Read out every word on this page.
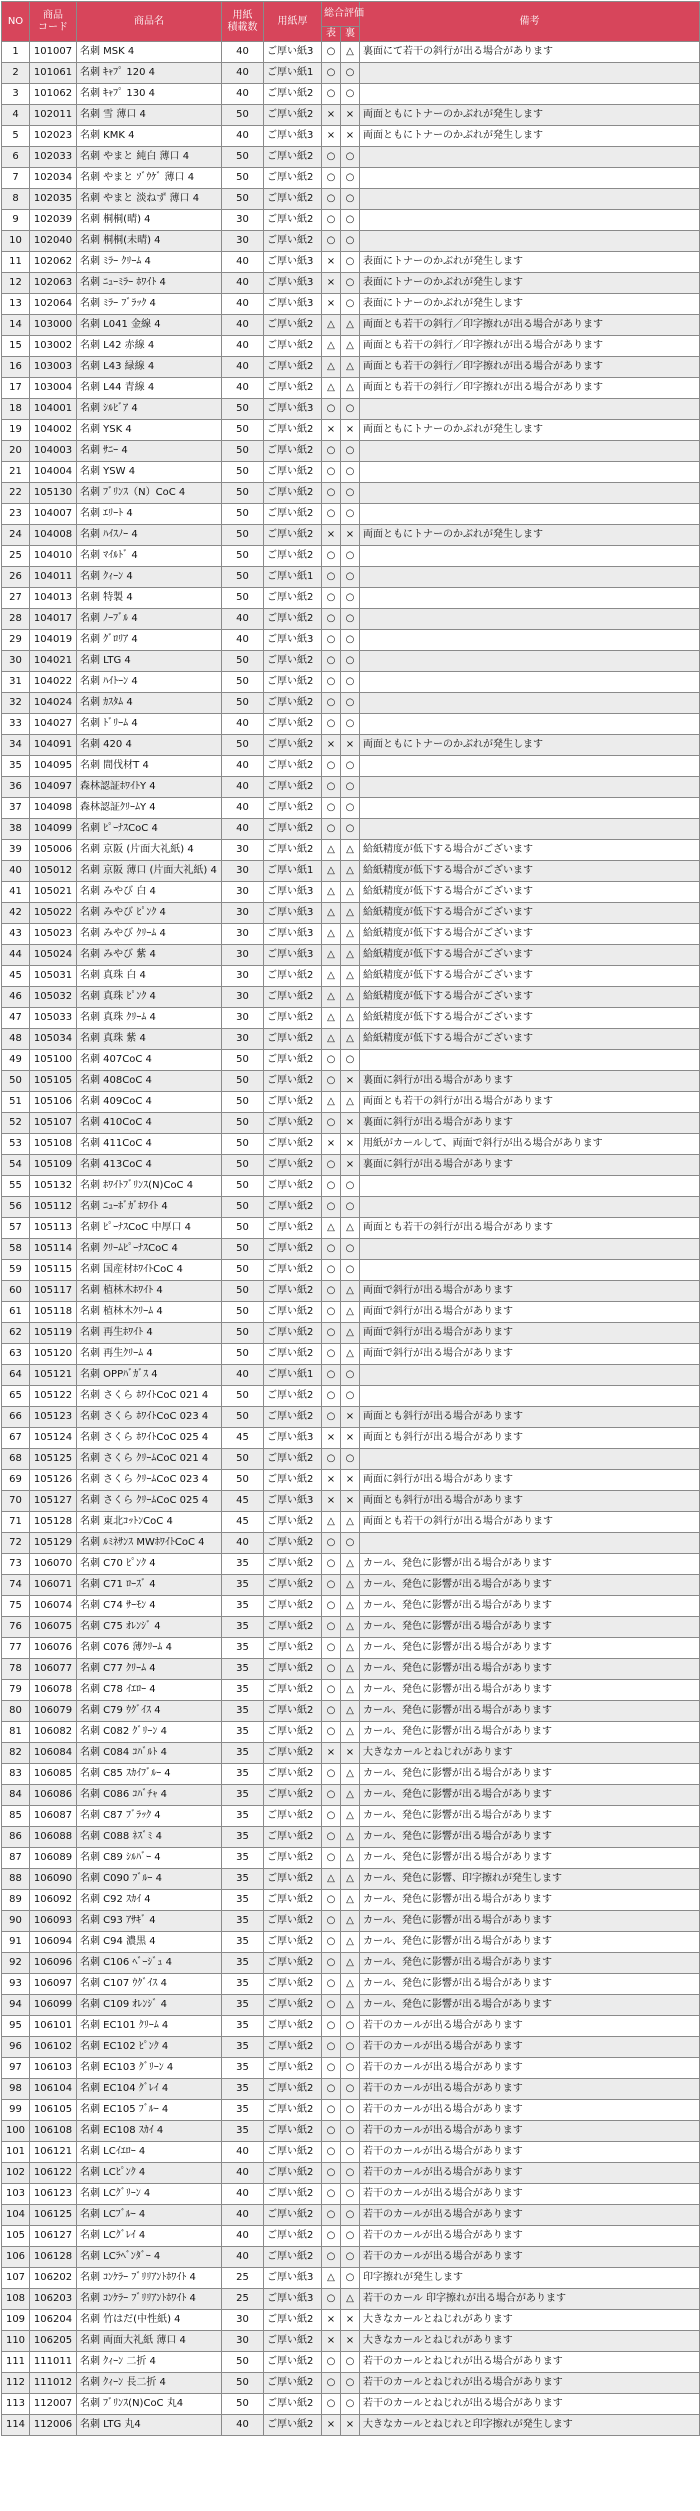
NO	商品
コード	商品名	用紙
積載数	用紙厚	総合評価		備考
					表	裏	
1	101007	名刺 MSK 4	40	ご厚い紙3	○	△	裏面にて若干の斜行が出る場合があります
2	101061	名刺 ｷｬﾌﾟ 120 4	40	ご厚い紙1	○	○	
3	101062	名刺 ｷｬﾌﾟ 130 4	40	ご厚い紙2	○	○	
4	102011	名刺 雪 薄口 4	50	ご厚い紙2	×	×	両面ともにトナーのかぶれが発生します
5	102023	名刺 KMK 4	40	ご厚い紙3	×	×	両面ともにトナーのかぶれが発生します
6	102033	名刺 やまと 純白 薄口 4	50	ご厚い紙2	○	○	
7	102034	名刺 やまと ｿﾞｳｹﾞ 薄口 4	50	ご厚い紙2	○	○	
8	102035	名刺 やまと 淡ねず 薄口 4	50	ご厚い紙2	○	○	
9	102039	名刺 桐桐(晴) 4	30	ご厚い紙2	○	○	
10	102040	名刺 桐桐(未晴) 4	30	ご厚い紙2	○	○	
11	102062	名刺 ﾐﾗｰ ｸﾘｰﾑ 4	40	ご厚い紙3	×	○	表面にトナーのかぶれが発生します
12	102063	名刺 ﾆｭｰﾐﾗｰ ﾎﾜｲﾄ 4	40	ご厚い紙3	×	○	表面にトナーのかぶれが発生します
13	102064	名刺 ﾐﾗｰ ﾌﾞﾗｯｸ 4	40	ご厚い紙3	×	○	表面にトナーのかぶれが発生します
14	103000	名刺 L041 金線 4	40	ご厚い紙2	△	△	両面とも若干の斜行／印字擦れが出る場合があります
15	103002	名刺 L42 赤線 4	40	ご厚い紙2	△	△	両面とも若干の斜行／印字擦れが出る場合があります
16	103003	名刺 L43 緑線 4	40	ご厚い紙2	△	△	両面とも若干の斜行／印字擦れが出る場合があります
17	103004	名刺 L44 青線 4	40	ご厚い紙2	△	△	両面とも若干の斜行／印字擦れが出る場合があります
18	104001	名刺 ｼﾙﾋﾞｱ 4	50	ご厚い紙3	○	○	
19	104002	名刺 YSK 4	50	ご厚い紙2	×	×	両面ともにトナーのかぶれが発生します
20	104003	名刺 ｻﾆｰ 4	50	ご厚い紙2	○	○	
21	104004	名刺 YSW 4	50	ご厚い紙2	○	○	
22	105130	名刺 ﾌﾞﾘﾝｽ（N）CoC 4	50	ご厚い紙2	○	○	
23	104007	名刺 ｴﾘｰﾄ 4	50	ご厚い紙2	○	○	
24	104008	名刺 ﾊｲｽﾉｰ 4	50	ご厚い紙2	×	×	両面ともにトナーのかぶれが発生します
25	104010	名刺 ﾏｲﾙﾄﾞ 4	50	ご厚い紙2	○	○	
26	104011	名刺 ｸｨｰﾝ 4	50	ご厚い紙1	○	○	
27	104013	名刺 特製 4	50	ご厚い紙2	○	○	
28	104017	名刺 ﾉｰﾌﾞﾙ 4	40	ご厚い紙2	○	○	
29	104019	名刺 ｸﾞﾛﾘｱ 4	40	ご厚い紙3	○	○	
30	104021	名刺 LTG 4	50	ご厚い紙2	○	○	
31	104022	名刺 ﾊｲﾄｰﾝ 4	50	ご厚い紙2	○	○	
32	104024	名刺 ｶｽﾀﾑ 4	50	ご厚い紙2	○	○	
33	104027	名刺 ﾄﾞﾘｰﾑ 4	40	ご厚い紙2	○	○	
34	104091	名刺 420 4	50	ご厚い紙2	×	×	両面ともにトナーのかぶれが発生します
35	104095	名刺 間伐材T 4	40	ご厚い紙2	○	○	
36	104097	森林認証ﾎﾜｲﾄY 4	40	ご厚い紙2	○	○	
37	104098	森林認証ｸﾘｰﾑY 4	40	ご厚い紙2	○	○	
38	104099	名刺 ﾋﾟｰﾅｽCoC 4	40	ご厚い紙2	○	○	
39	105006	名刺 京阪 (片面大礼紙) 4	30	ご厚い紙2	△	△	給紙精度が低下する場合がございます
40	105012	名刺 京阪 薄口 (片面大礼紙) 4	30	ご厚い紙1	△	△	給紙精度が低下する場合がございます
41	105021	名刺 みやび 白 4	30	ご厚い紙3	△	△	給紙精度が低下する場合がございます
42	105022	名刺 みやび ﾋﾟﾝｸ 4	30	ご厚い紙3	△	△	給紙精度が低下する場合がございます
43	105023	名刺 みやび ｸﾘｰﾑ 4	30	ご厚い紙3	△	△	給紙精度が低下する場合がございます
44	105024	名刺 みやび 紫 4	30	ご厚い紙3	△	△	給紙精度が低下する場合がございます
45	105031	名刺 真珠 白 4	30	ご厚い紙2	△	△	給紙精度が低下する場合がございます
46	105032	名刺 真珠 ﾋﾟﾝｸ 4	30	ご厚い紙2	△	△	給紙精度が低下する場合がございます
47	105033	名刺 真珠 ｸﾘｰﾑ 4	30	ご厚い紙2	△	△	給紙精度が低下する場合がございます
48	105034	名刺 真珠 紫 4	30	ご厚い紙2	△	△	給紙精度が低下する場合がございます
49	105100	名刺 407CoC 4	50	ご厚い紙2	○	○	
50	105105	名刺 408CoC 4	50	ご厚い紙2	○	×	裏面に斜行が出る場合があります
51	105106	名刺 409CoC 4	50	ご厚い紙2	△	△	両面とも若干の斜行が出る場合があります
52	105107	名刺 410CoC 4	50	ご厚い紙2	○	×	裏面に斜行が出る場合があります
53	105108	名刺 411CoC 4	50	ご厚い紙2	×	×	用紙がカールして、両面で斜行が出る場合があります
54	105109	名刺 413CoC 4	50	ご厚い紙2	○	×	裏面に斜行が出る場合があります
55	105132	名刺 ﾎﾜｲﾄﾌﾞﾘﾝｽ(N)CoC 4	50	ご厚い紙2	○	○	
56	105112	名刺 ﾆｭｰﾎﾞｶﾞﾎﾜｲﾄ 4	50	ご厚い紙2	○	○	
57	105113	名刺 ﾋﾟｰﾅｽCoC 中厚口 4	50	ご厚い紙2	△	△	両面とも若干の斜行が出る場合があります
58	105114	名刺 ｸﾘｰﾑﾋﾟｰﾅｽCoC 4	50	ご厚い紙2	○	○	
59	105115	名刺 国産材ﾎﾜｲﾄCoC 4	50	ご厚い紙2	○	○	
60	105117	名刺 植林木ﾎﾜｲﾄ 4	50	ご厚い紙2	○	△	両面で斜行が出る場合があります
61	105118	名刺 植林木ｸﾘｰﾑ 4	50	ご厚い紙2	○	△	両面で斜行が出る場合があります
62	105119	名刺 再生ﾎﾜｲﾄ 4	50	ご厚い紙2	○	△	両面で斜行が出る場合があります
63	105120	名刺 再生ｸﾘｰﾑ 4	50	ご厚い紙2	○	△	両面で斜行が出る場合があります
64	105121	名刺 OPPﾊﾞｶﾞｽ 4	40	ご厚い紙1	○	○	
65	105122	名刺 さくら ﾎﾜｲﾄCoC 021 4	50	ご厚い紙2	○	○	
66	105123	名刺 さくら ﾎﾜｲﾄCoC 023 4	50	ご厚い紙2	○	×	両面とも斜行が出る場合があります
67	105124	名刺 さくら ﾎﾜｲﾄCoC 025 4	45	ご厚い紙3	×	×	両面とも斜行が出る場合があります
68	105125	名刺 さくら ｸﾘｰﾑCoC 021 4	50	ご厚い紙2	○	○	
69	105126	名刺 さくら ｸﾘｰﾑCoC 023 4	50	ご厚い紙2	×	×	両面に斜行が出る場合があります
70	105127	名刺 さくら ｸﾘｰﾑCoC 025 4	45	ご厚い紙3	×	×	両面とも斜行が出る場合があります
71	105128	名刺 東北ｺｯﾄﾝCoC 4	45	ご厚い紙2	△	△	両面とも若干の斜行が出る場合があります
72	105129	名刺 ﾙﾐﾈｻﾝｽ MWﾎﾜｲﾄCoC 4	40	ご厚い紙2	○	○	
73	106070	名刺 C70 ﾋﾟﾝｸ 4	35	ご厚い紙2	○	△	カール、発色に影響が出る場合があります
74	106071	名刺 C71 ﾛｰｽﾞ 4	35	ご厚い紙2	○	△	カール、発色に影響が出る場合があります
75	106074	名刺 C74 ｻｰﾓﾝ 4	35	ご厚い紙2	○	△	カール、発色に影響が出る場合があります
76	106075	名刺 C75 ｵﾚﾝｼﾞ 4	35	ご厚い紙2	○	△	カール、発色に影響が出る場合があります
77	106076	名刺 C076 薄ｸﾘｰﾑ 4	35	ご厚い紙2	○	△	カール、発色に影響が出る場合があります
78	106077	名刺 C77 ｸﾘｰﾑ 4	35	ご厚い紙2	○	△	カール、発色に影響が出る場合があります
79	106078	名刺 C78 ｲｴﾛｰ 4	35	ご厚い紙2	○	△	カール、発色に影響が出る場合があります
80	106079	名刺 C79 ｳｸﾞｲｽ 4	35	ご厚い紙2	○	△	カール、発色に影響が出る場合があります
81	106082	名刺 C082 ｸﾞﾘｰﾝ 4	35	ご厚い紙2	○	△	カール、発色に影響が出る場合があります
82	106084	名刺 C084 ｺﾊﾞﾙﾄ 4	35	ご厚い紙2	×	×	大きなカールとねじれがあります
83	106085	名刺 C85 ｽｶｲﾌﾞﾙｰ 4	35	ご厚い紙2	○	△	カール、発色に影響が出る場合があります
84	106086	名刺 C086 ｺﾊﾞﾁｬ 4	35	ご厚い紙2	○	△	カール、発色に影響が出る場合があります
85	106087	名刺 C87 ﾌﾞﾗｯｸ 4	35	ご厚い紙2	○	△	カール、発色に影響が出る場合があります
86	106088	名刺 C088 ﾈｽﾞﾐ 4	35	ご厚い紙2	○	△	カール、発色に影響が出る場合があります
87	106089	名刺 C89 ｼﾙﾊﾞｰ 4	35	ご厚い紙2	○	△	カール、発色に影響が出る場合があります
88	106090	名刺 C090 ﾌﾞﾙｰ 4	35	ご厚い紙2	△	△	カール、発色に影響、印字擦れが発生します
89	106092	名刺 C92 ｽｶｲ 4	35	ご厚い紙2	○	△	カール、発色に影響が出る場合があります
90	106093	名刺 C93 ｱｻｷﾞ 4	35	ご厚い紙2	○	△	カール、発色に影響が出る場合があります
91	106094	名刺 C94 濃黒 4	35	ご厚い紙2	○	△	カール、発色に影響が出る場合があります
92	106096	名刺 C106 ﾍﾞｰｼﾞｭ 4	35	ご厚い紙2	○	△	カール、発色に影響が出る場合があります
93	106097	名刺 C107 ｳｸﾞｲｽ 4	35	ご厚い紙2	○	△	カール、発色に影響が出る場合があります
94	106099	名刺 C109 ｵﾚﾝｼﾞ 4	35	ご厚い紙2	○	△	カール、発色に影響が出る場合があります
95	106101	名刺 EC101 ｸﾘｰﾑ 4	35	ご厚い紙2	○	○	若干のカールが出る場合があります
96	106102	名刺 EC102 ﾋﾟﾝｸ 4	35	ご厚い紙2	○	○	若干のカールが出る場合があります
97	106103	名刺 EC103 ｸﾞﾘｰﾝ 4	35	ご厚い紙2	○	○	若干のカールが出る場合があります
98	106104	名刺 EC104 ｸﾞﾚｲ 4	35	ご厚い紙2	○	○	若干のカールが出る場合があります
99	106105	名刺 EC105 ﾌﾞﾙｰ 4	35	ご厚い紙2	○	○	若干のカールが出る場合があります
100	106108	名刺 EC108 ｽｶｲ 4	35	ご厚い紙2	○	○	若干のカールが出る場合があります
101	106121	名刺 LCｲｴﾛｰ 4	40	ご厚い紙2	○	○	若干のカールが出る場合があります
102	106122	名刺 LCﾋﾟﾝｸ 4	40	ご厚い紙2	○	○	若干のカールが出る場合があります
103	106123	名刺 LCｸﾞﾘｰﾝ 4	40	ご厚い紙2	○	○	若干のカールが出る場合があります
104	106125	名刺 LCﾌﾞﾙｰ 4	40	ご厚い紙2	○	○	若干のカールが出る場合があります
105	106127	名刺 LCｸﾞﾚｲ 4	40	ご厚い紙2	○	○	若干のカールが出る場合があります
106	106128	名刺 LCﾗﾍﾞﾝﾀﾞｰ 4	40	ご厚い紙2	○	○	若干のカールが出る場合があります
107	106202	名刺 ｺﾝｹﾗｰ ﾌﾞﾘﾘｱﾝﾄﾎﾜｲﾄ 4	25	ご厚い紙3	△	○	印字擦れが発生します
108	106203	名刺 ｺﾝｹﾗｰ ﾌﾞﾘﾘｱﾝﾄﾎﾜｲﾄ 4	25	ご厚い紙3	○	△	若干のカール 印字擦れが出る場合があります
109	106204	名刺 竹はだ(中性紙) 4	30	ご厚い紙2	×	×	大きなカールとねじれがあります
110	106205	名刺 両面大礼紙 薄口 4	30	ご厚い紙2	×	×	大きなカールとねじれがあります
111	111011	名刺 ｸｨｰﾝ 二折 4	50	ご厚い紙2	○	○	若干のカールとねじれが出る場合があります
112	111012	名刺 ｸｨｰﾝ 長二折 4	50	ご厚い紙2	○	○	若干のカールとねじれが出る場合があります
113	112007	名刺 ﾌﾞﾘﾝｽ(N)CoC 丸4	50	ご厚い紙2	○	○	若干のカールとねじれが出る場合があります
114	112006	名刺 LTG 丸4	40	ご厚い紙2	×	×	大きなカールとねじれと印字擦れが発生します
